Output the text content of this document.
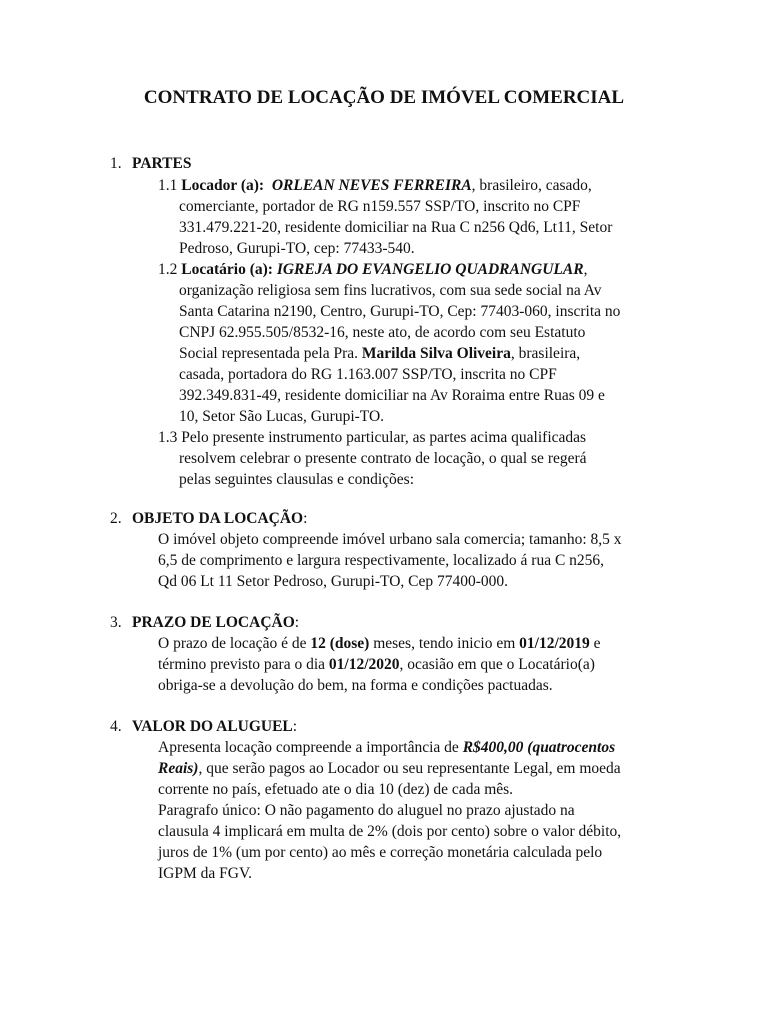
CONTRATO DE LOCAÇÃO DE IMÓVEL COMERCIAL
1. PARTES
1.1 Locador (a): ORLEAN NEVES FERREIRA, brasileiro, casado,
comerciante, portador de RG n159.557 SSP/TO, inscrito no CPF
331.479.221-20, residente domiciliar na Rua C n256 Qd6, Lt11, Setor
Pedroso, Gurupi-TO, cep: 77433-540.
1.2 Locatário (a): IGREJA DO EVANGELIO QUADRANGULAR,
organização religiosa sem fins lucrativos, com sua sede social na Av
Santa Catarina n2190, Centro, Gurupi-TO, Cep: 77403-060, inscrita no
CNPJ 62.955.505/8532-16, neste ato, de acordo com seu Estatuto
Social representada pela Pra. Marilda Silva Oliveira, brasileira,
casada, portadora do RG 1.163.007 SSP/TO, inscrita no CPF
392.349.831-49, residente domiciliar na Av Roraima entre Ruas 09 e
10, Setor São Lucas, Gurupi-TO.
1.3 Pelo presente instrumento particular, as partes acima qualificadas
resolvem celebrar o presente contrato de locação, o qual se regerá
pelas seguintes clausulas e condições:
2. OBJETO DA LOCAÇÃO:
O imóvel objeto compreende imóvel urbano sala comercia; tamanho: 8,5 x
6,5 de comprimento e largura respectivamente, localizado á rua C n256,
Qd 06 Lt 11 Setor Pedroso, Gurupi-TO, Cep 77400-000.
3. PRAZO DE LOCAÇÃO:
O prazo de locação é de 12 (dose) meses, tendo inicio em 01/12/2019 e
término previsto para o dia 01/12/2020, ocasião em que o Locatário(a)
obriga-se a devolução do bem, na forma e condições pactuadas.
4. VALOR DO ALUGUEL:
Apresenta locação compreende a importância de R$400,00 (quatrocentos
Reais), que serão pagos ao Locador ou seu representante Legal, em moeda
corrente no país, efetuado ate o dia 10 (dez) de cada mês.
Paragrafo único: O não pagamento do aluguel no prazo ajustado na
clausula 4 implicará em multa de 2% (dois por cento) sobre o valor débito,
juros de 1% (um por cento) ao mês e correção monetária calculada pelo
IGPM da FGV.
